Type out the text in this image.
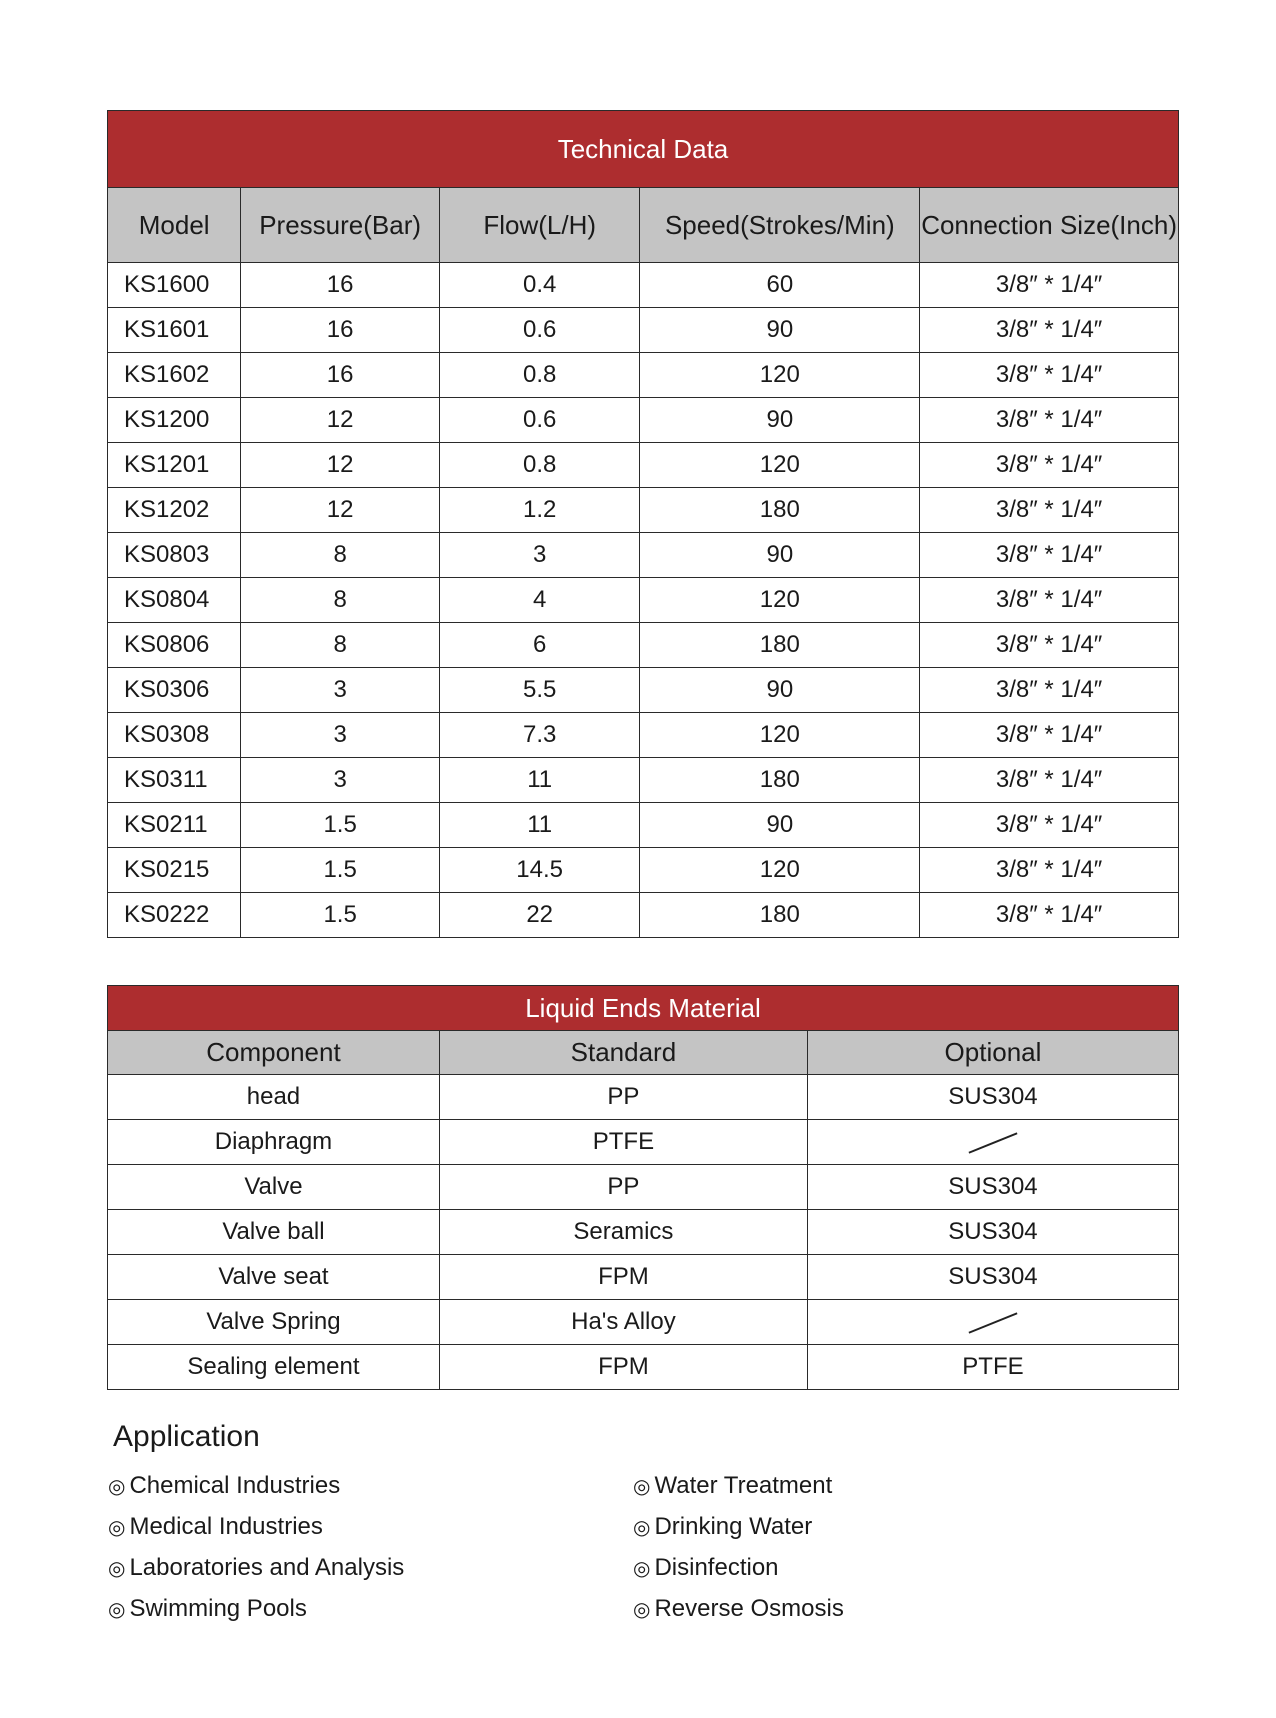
Technical Data				
Model	Pressure(Bar)	Flow(L/H)	Speed(Strokes/Min)	Connection Size(Inch)
KS1600	16	0.4	60	3/8″ * 1/4″
KS1601	16	0.6	90	3/8″ * 1/4″
KS1602	16	0.8	120	3/8″ * 1/4″
KS1200	12	0.6	90	3/8″ * 1/4″
KS1201	12	0.8	120	3/8″ * 1/4″
KS1202	12	1.2	180	3/8″ * 1/4″
KS0803	8	3	90	3/8″ * 1/4″
KS0804	8	4	120	3/8″ * 1/4″
KS0806	8	6	180	3/8″ * 1/4″
KS0306	3	5.5	90	3/8″ * 1/4″
KS0308	3	7.3	120	3/8″ * 1/4″
KS0311	3	11	180	3/8″ * 1/4″
KS0211	1.5	11	90	3/8″ * 1/4″
KS0215	1.5	14.5	120	3/8″ * 1/4″
KS0222	1.5	22	180	3/8″ * 1/4″
Liquid Ends Material		
Component	Standard	Optional
head	PP	SUS304
Diaphragm	PTFE	
Valve	PP	SUS304
Valve ball	Seramics	SUS304
Valve seat	FPM	SUS304
Valve Spring	Ha's Alloy	
Sealing element	FPM	PTFE
Application
◎ Chemical Industries
◎ Medical Industries
◎ Laboratories and Analysis
◎ Swimming Pools
◎ Water Treatment
◎ Drinking Water
◎ Disinfection
◎ Reverse Osmosis
